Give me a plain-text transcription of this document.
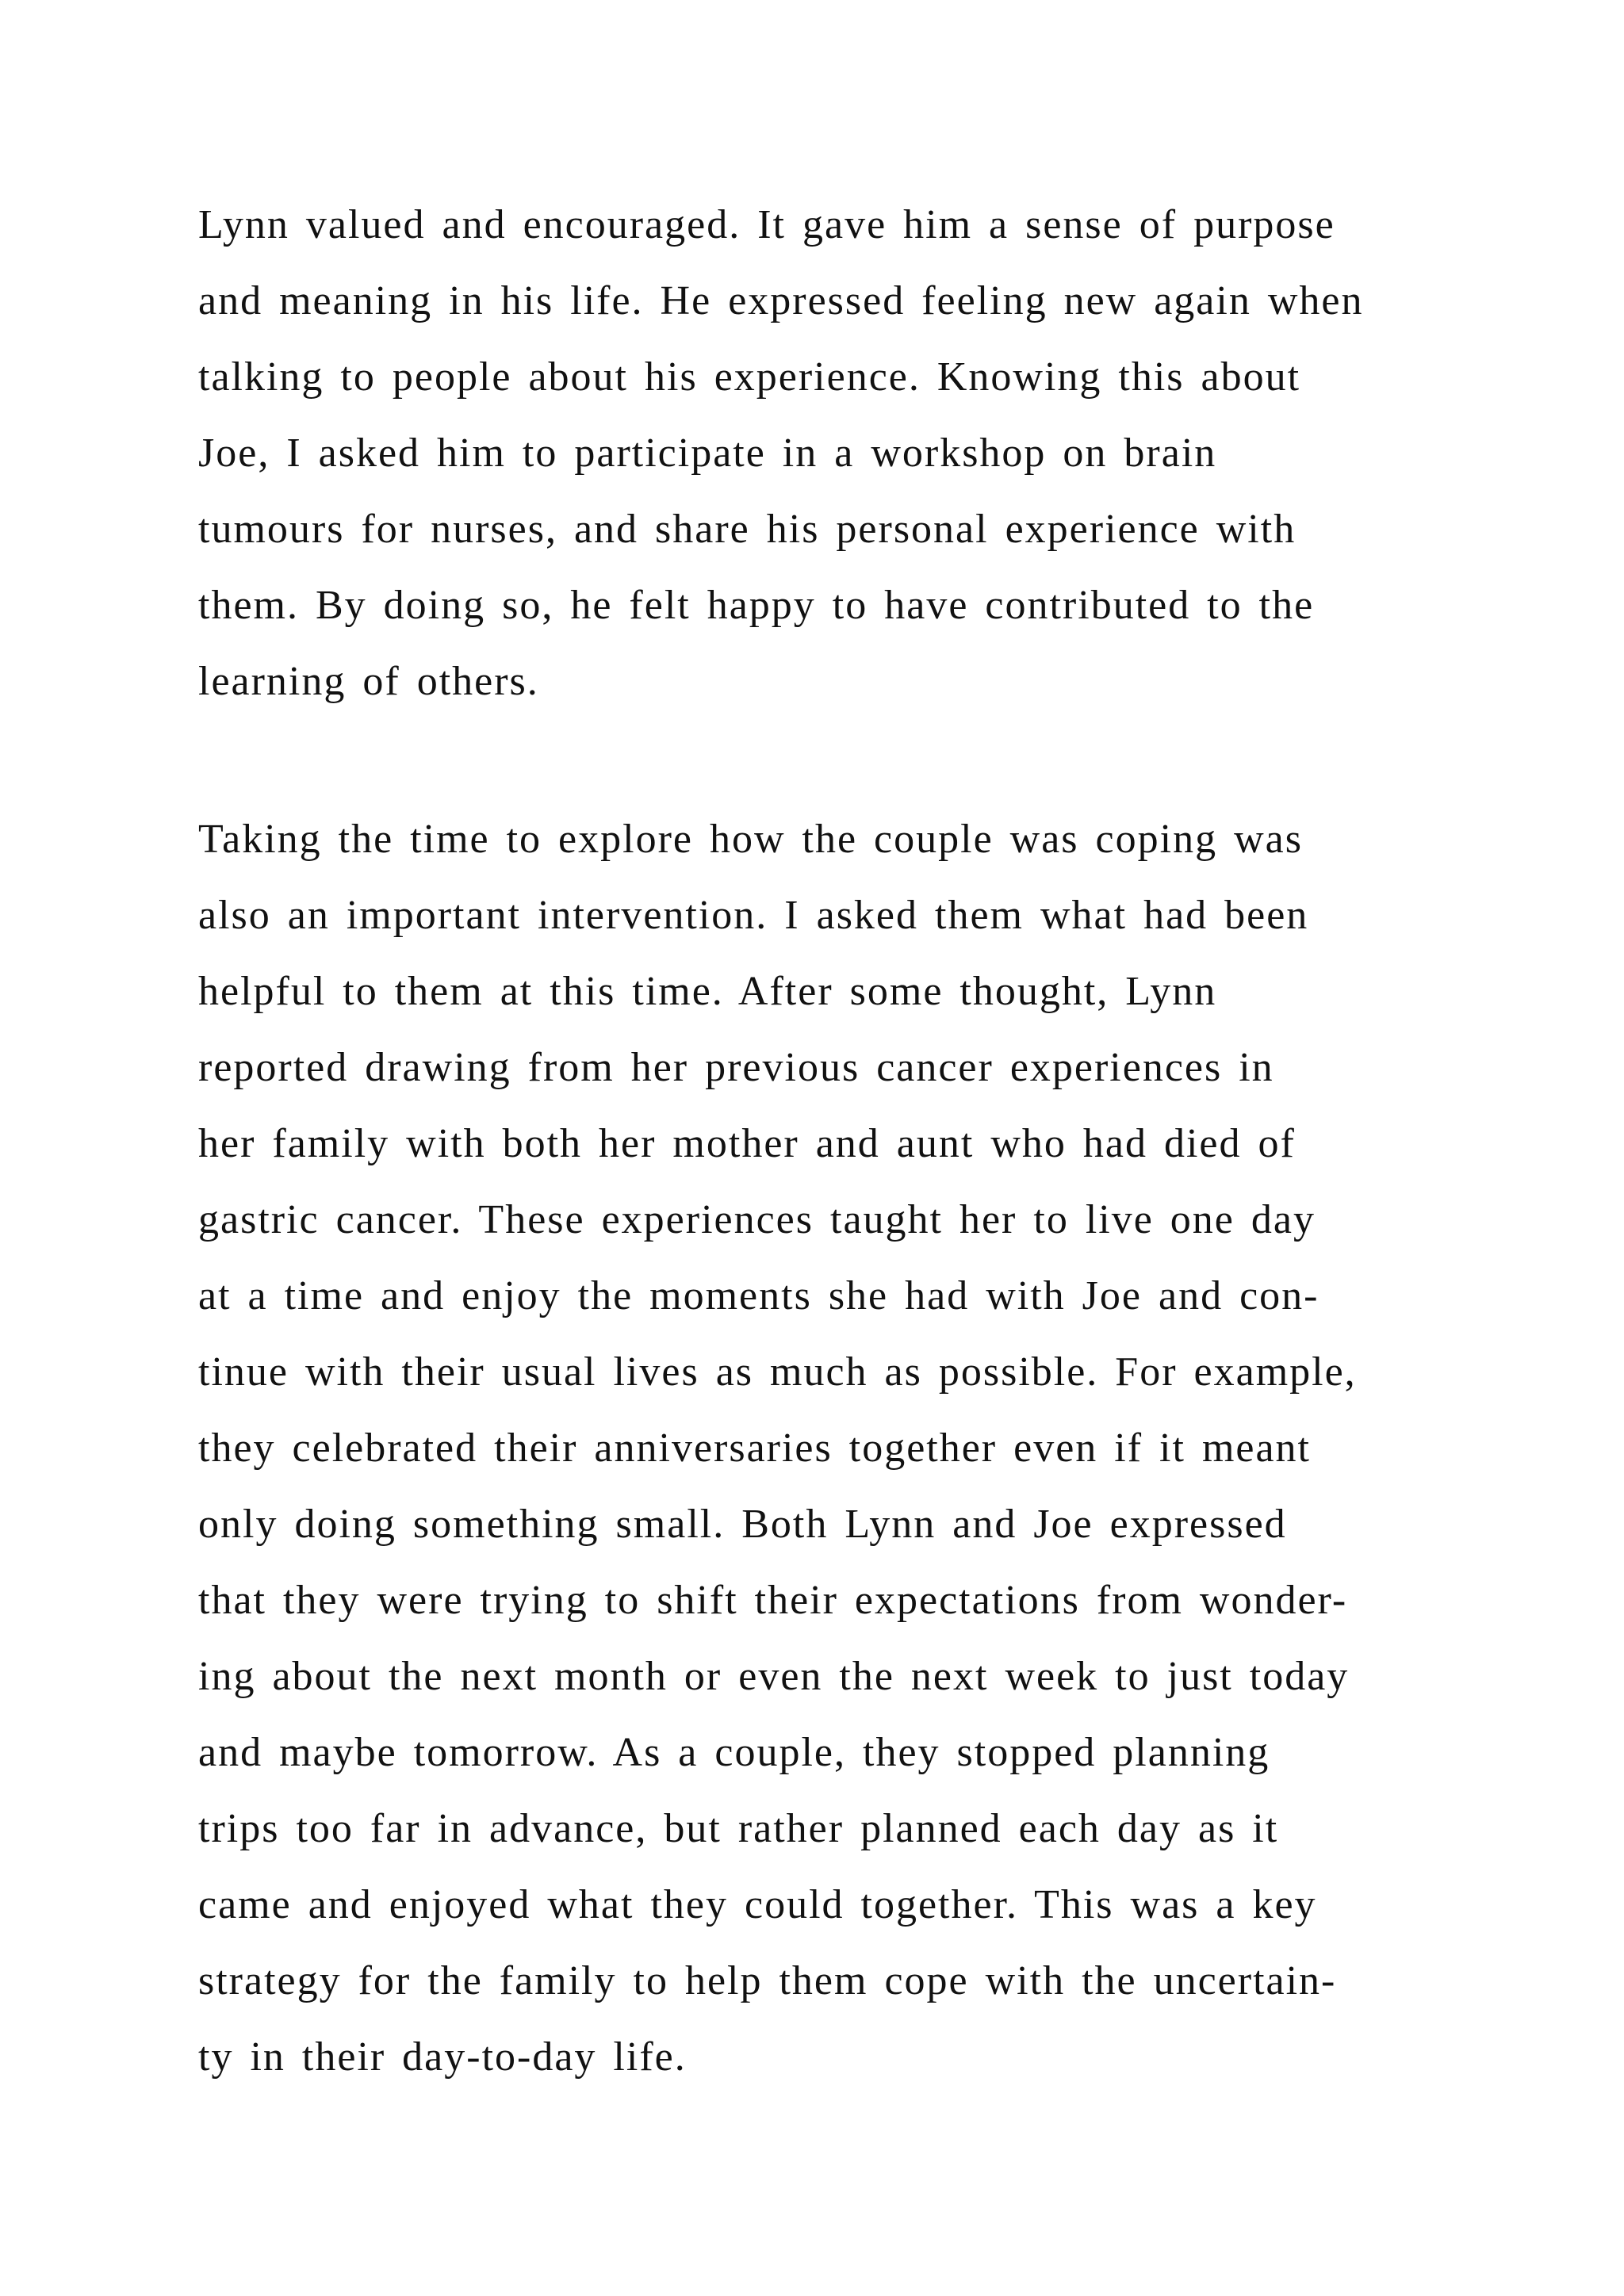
Lynn valued and encouraged. It gave him a sense of purpose
and meaning in his life. He expressed feeling new again when
talking to people about his experience. Knowing this about
Joe, I asked him to participate in a workshop on brain
tumours for nurses, and share his personal experience with
them. By doing so, he felt happy to have contributed to the
learning of others.
Taking the time to explore how the couple was coping was
also an important intervention. I asked them what had been
helpful to them at this time. After some thought, Lynn
reported drawing from her previous cancer experiences in
her family with both her mother and aunt who had died of
gastric cancer. These experiences taught her to live one day
at a time and enjoy the moments she had with Joe and con-
tinue with their usual lives as much as possible. For example,
they celebrated their anniversaries together even if it meant
only doing something small. Both Lynn and Joe expressed
that they were trying to shift their expectations from wonder-
ing about the next month or even the next week to just today
and maybe tomorrow. As a couple, they stopped planning
trips too far in advance, but rather planned each day as it
came and enjoyed what they could together. This was a key
strategy for the family to help them cope with the uncertain-
ty in their day-to-day life.
